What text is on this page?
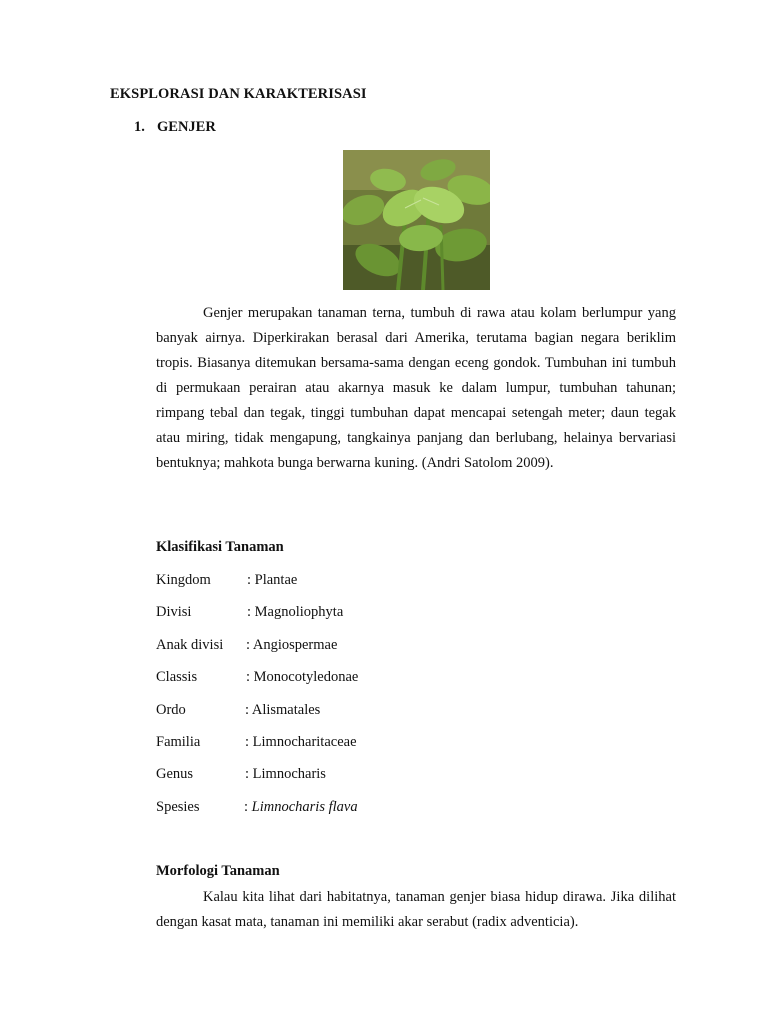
EKSPLORASI DAN KARAKTERISASI
1. GENJER

Genjer merupakan tanaman terna, tumbuh di rawa atau kolam berlumpur yang banyak airnya. Diperkirakan berasal dari Amerika, terutama bagian negara beriklim tropis. Biasanya ditemukan bersama-sama dengan eceng gondok. Tumbuhan ini tumbuh di permukaan perairan atau akarnya masuk ke dalam lumpur, tumbuhan tahunan; rimpang tebal dan tegak, tinggi tumbuhan dapat mencapai setengah meter; daun tegak atau miring, tidak mengapung, tangkainya panjang dan berlubang, helainya bervariasi bentuknya; mahkota bunga berwarna kuning. (Andri Satolom 2009).

Klasifikasi Tanaman
Kingdom : Plantae
Divisi	: Magnoliophyta
Anak divisi : Angiospermae
Classis	: Monocotyledonae
Ordo	: Alismatales
Familia	: Limnocharitaceae
Genus	: Limnocharis
Spesies	: Limnocharis flava
Morfologi Tanaman

Kalau kita lihat dari habitatnya, tanaman genjer biasa hidup dirawa. Jika dilihat dengan kasat mata, tanaman ini memiliki akar serabut (radix adventicia).
